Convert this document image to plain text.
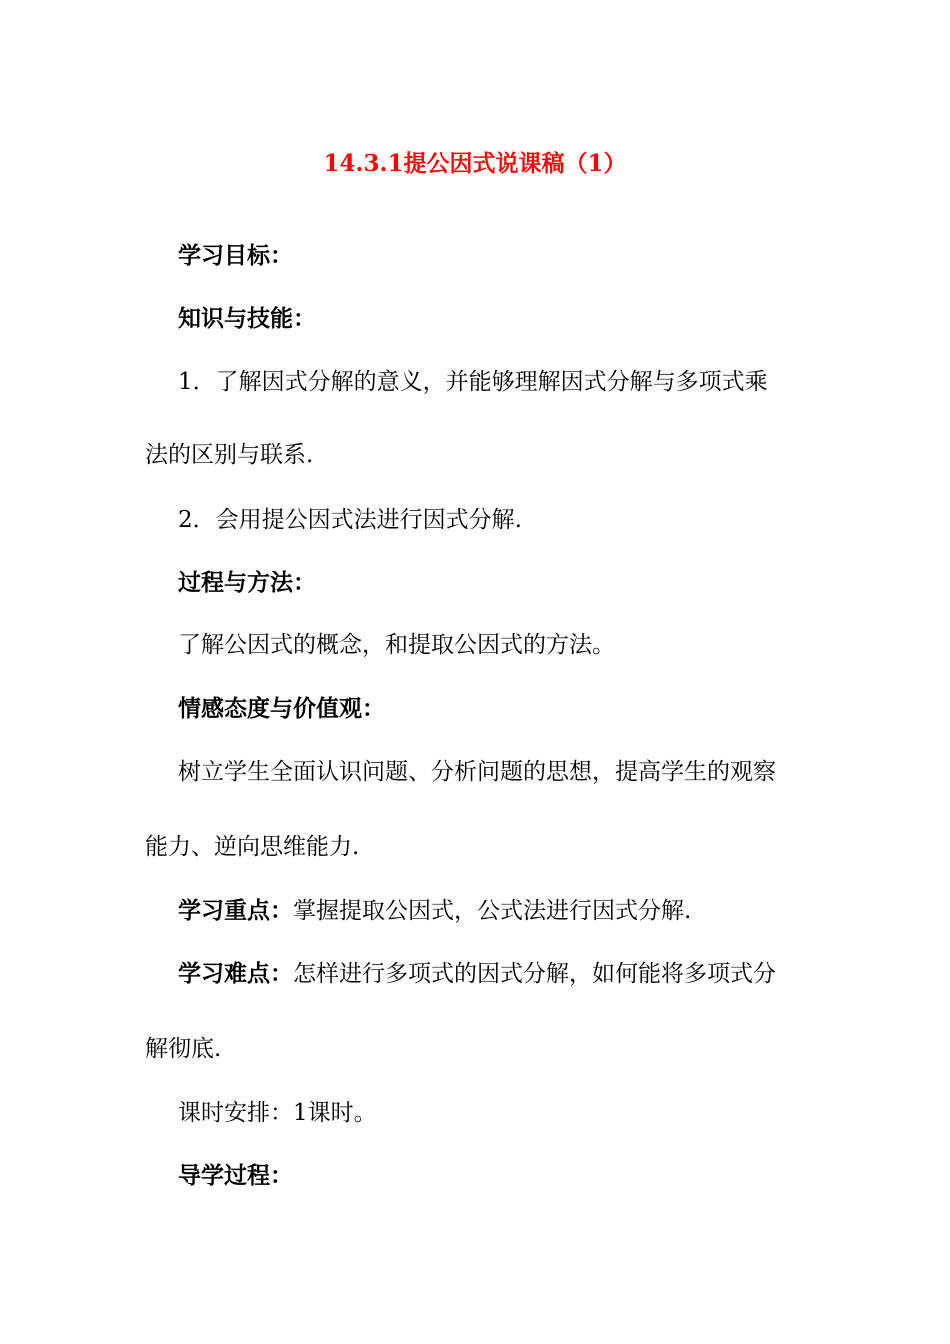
14.3.1提公因式说课稿（1）
学习目标：
知识与技能：
1．了解因式分解的意义，并能够理解因式分解与多项式乘
法的区别与联系.
2．会用提公因式法进行因式分解.
过程与方法：
了解公因式的概念，和提取公因式的方法。
情感态度与价值观：
树立学生全面认识问题、分析问题的思想，提高学生的观察
能力、逆向思维能力.
学习重点：掌握提取公因式，公式法进行因式分解.
学习难点：怎样进行多项式的因式分解，如何能将多项式分
解彻底.
课时安排：1课时。
导学过程：
